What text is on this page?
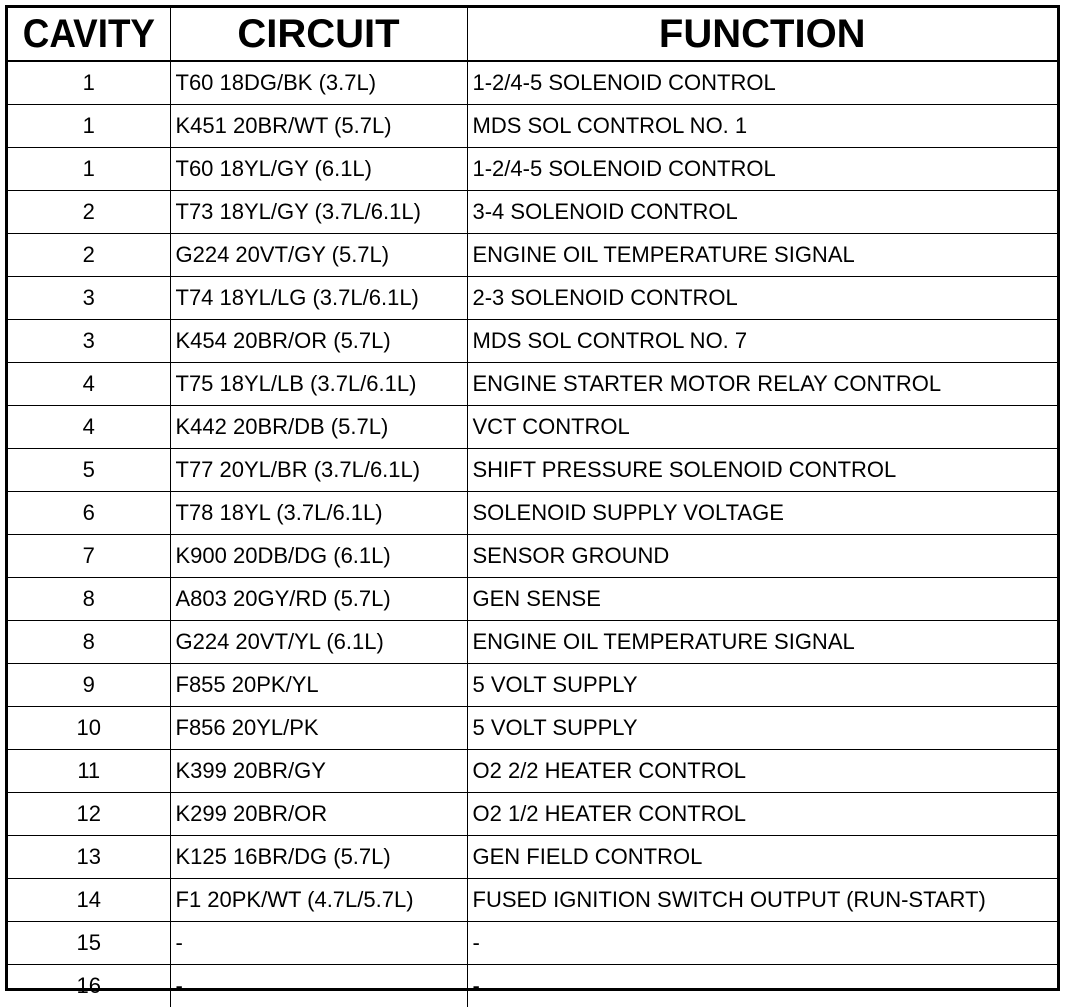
CAVITY	CIRCUIT	FUNCTION
1	T60 18DG/BK (3.7L)	1-2/4-5 SOLENOID CONTROL
1	K451 20BR/WT (5.7L)	MDS SOL CONTROL NO. 1
1	T60 18YL/GY (6.1L)	1-2/4-5 SOLENOID CONTROL
2	T73 18YL/GY (3.7L/6.1L)	3-4 SOLENOID CONTROL
2	G224 20VT/GY (5.7L)	ENGINE OIL TEMPERATURE SIGNAL
3	T74 18YL/LG (3.7L/6.1L)	2-3 SOLENOID CONTROL
3	K454 20BR/OR (5.7L)	MDS SOL CONTROL NO. 7
4	T75 18YL/LB (3.7L/6.1L)	ENGINE STARTER MOTOR RELAY CONTROL
4	K442 20BR/DB (5.7L)	VCT CONTROL
5	T77 20YL/BR (3.7L/6.1L)	SHIFT PRESSURE SOLENOID CONTROL
6	T78 18YL (3.7L/6.1L)	SOLENOID SUPPLY VOLTAGE
7	K900 20DB/DG (6.1L)	SENSOR GROUND
8	A803 20GY/RD (5.7L)	GEN SENSE
8	G224 20VT/YL (6.1L)	ENGINE OIL TEMPERATURE SIGNAL
9	F855 20PK/YL	5 VOLT SUPPLY
10	F856 20YL/PK	5 VOLT SUPPLY
11	K399 20BR/GY	O2 2/2 HEATER CONTROL
12	K299 20BR/OR	O2 1/2 HEATER CONTROL
13	K125 16BR/DG (5.7L)	GEN FIELD CONTROL
14	F1 20PK/WT (4.7L/5.7L)	FUSED IGNITION SWITCH OUTPUT (RUN-START)
15	-	-
16	-	-
